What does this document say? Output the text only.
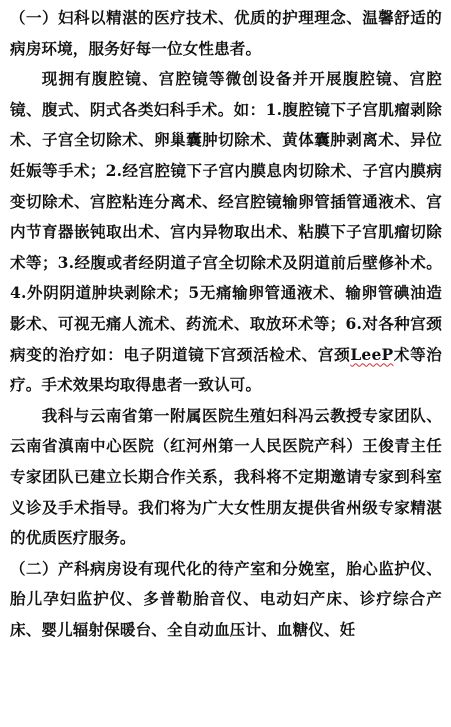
（一）妇科以精湛的医疗技术、优质的护理理念、温馨舒适的病房环境，服务好每一位女性患者。

现拥有腹腔镜、宫腔镜等微创设备并开展腹腔镜、宫腔镜、腹式、阴式各类妇科手术。如：1.腹腔镜下子宫肌瘤剥除术、子宫全切除术、卵巢囊肿切除术、黄体囊肿剥离术、异位妊娠等手术；2.经宫腔镜下子宫内膜息肉切除术、子宫内膜病变切除术、宫腔粘连分离术、经宫腔镜输卵管插管通液术、宫内节育器嵌钝取出术、宫内异物取出术、粘膜下子宫肌瘤切除术等；3.经腹或者经阴道子宫全切除术及阴道前后壁修补术。4.外阴阴道肿块剥除术；5无痛输卵管通液术、输卵管碘油造影术、可视无痛人流术、药流术、取放环术等；6.对各种宫颈病变的治疗如：电子阴道镜下宫颈活检术、宫颈LeeP术等治疗。手术效果均取得患者一致认可。

我科与云南省第一附属医院生殖妇科冯云教授专家团队、云南省滇南中心医院（红河州第一人民医院产科）王俊青主任专家团队已建立长期合作关系，我科将不定期邀请专家到科室义诊及手术指导。我们将为广大女性朋友提供省州级专家精湛的优质医疗服务。

（二）产科病房设有现代化的待产室和分娩室，胎心监护仪、胎儿孕妇监护仪、多普勒胎音仪、电动妇产床、诊疗综合产床、婴儿辐射保暖台、全自动血压计、血糖仪、妊
